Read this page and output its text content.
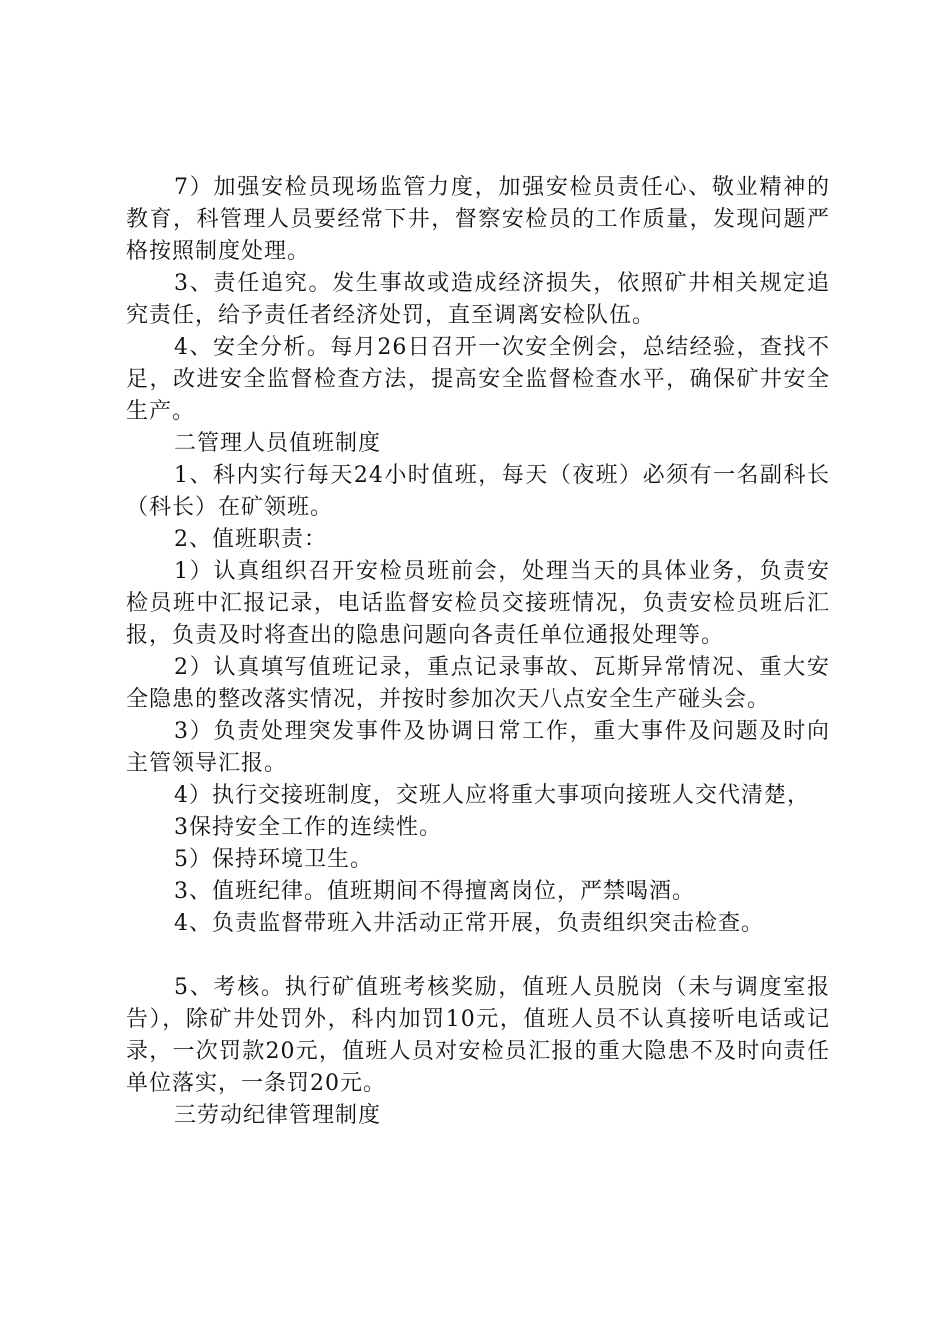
7）加强安检员现场监管力度，加强安检员责任心、敬业精神的教育，科管理人员要经常下井，督察安检员的工作质量，发现问题严格按照制度处理。

3、责任追究。发生事故或造成经济损失，依照矿井相关规定追究责任，给予责任者经济处罚，直至调离安检队伍。

4、安全分析。每月26日召开一次安全例会，总结经验，查找不足，改进安全监督检查方法，提高安全监督检查水平，确保矿井安全生产。

二管理人员值班制度

1、科内实行每天24小时值班，每天（夜班）必须有一名副科长（科长）在矿领班。

2、值班职责：

1）认真组织召开安检员班前会，处理当天的具体业务，负责安检员班中汇报记录，电话监督安检员交接班情况，负责安检员班后汇报，负责及时将查出的隐患问题向各责任单位通报处理等。

2）认真填写值班记录，重点记录事故、瓦斯异常情况、重大安全隐患的整改落实情况，并按时参加次天八点安全生产碰头会。

3）负责处理突发事件及协调日常工作，重大事件及问题及时向主管领导汇报。

4）执行交接班制度，交班人应将重大事项向接班人交代清楚，

3保持安全工作的连续性。

5）保持环境卫生。

3、值班纪律。值班期间不得擅离岗位，严禁喝酒。

4、负责监督带班入井活动正常开展，负责组织突击检查。

5、考核。执行矿值班考核奖励，值班人员脱岗（未与调度室报告），除矿井处罚外，科内加罚10元，值班人员不认真接听电话或记录，一次罚款20元，值班人员对安检员汇报的重大隐患不及时向责任单位落实，一条罚20元。

三劳动纪律管理制度
